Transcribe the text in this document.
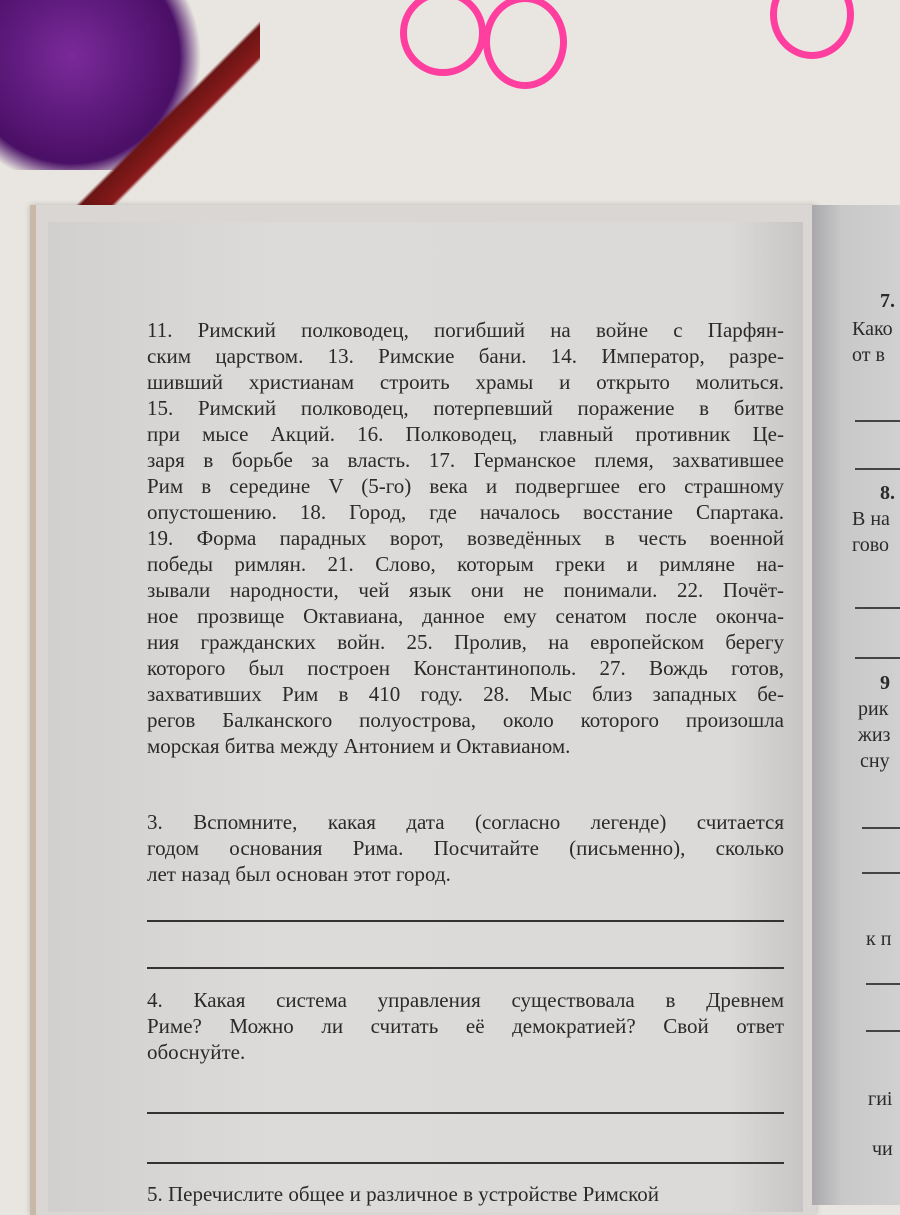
11. Римский полководец, погибший на войне с Парфян-
ским царством. 13. Римские бани. 14. Император, разре-
шивший христианам строить храмы и открыто молиться.
15. Римский полководец, потерпевший поражение в битве
при мысе Акций. 16. Полководец, главный противник Це-
заря в борьбе за власть. 17. Германское племя, захватившее
Рим в середине V (5-го) века и подвергшее его страшному
опустошению. 18. Город, где началось восстание Спартака.
19. Форма парадных ворот, возведённых в честь военной
победы римлян. 21. Слово, которым греки и римляне на-
зывали народности, чей язык они не понимали. 22. Почёт-
ное прозвище Октавиана, данное ему сенатом после оконча-
ния гражданских войн. 25. Пролив, на европейском берегу
которого был построен Константинополь. 27. Вождь готов,
захвативших Рим в 410 году. 28. Мыс близ западных бе-
регов Балканского полуострова, около которого произошла
морская битва между Антонием и Октавианом.
3. Вспомните, какая дата (согласно легенде) считается
годом основания Рима. Посчитайте (письменно), сколько
лет назад был основан этот город.
4. Какая система управления существовала в Древнем
Риме? Можно ли считать её демократией? Свой ответ
обоснуйте.
5. Перечислите общее и различное в устройстве Римской
7.
Како
от в
8.
В на
гово
9
рик
жиз
сну
к п
гиі
чи
